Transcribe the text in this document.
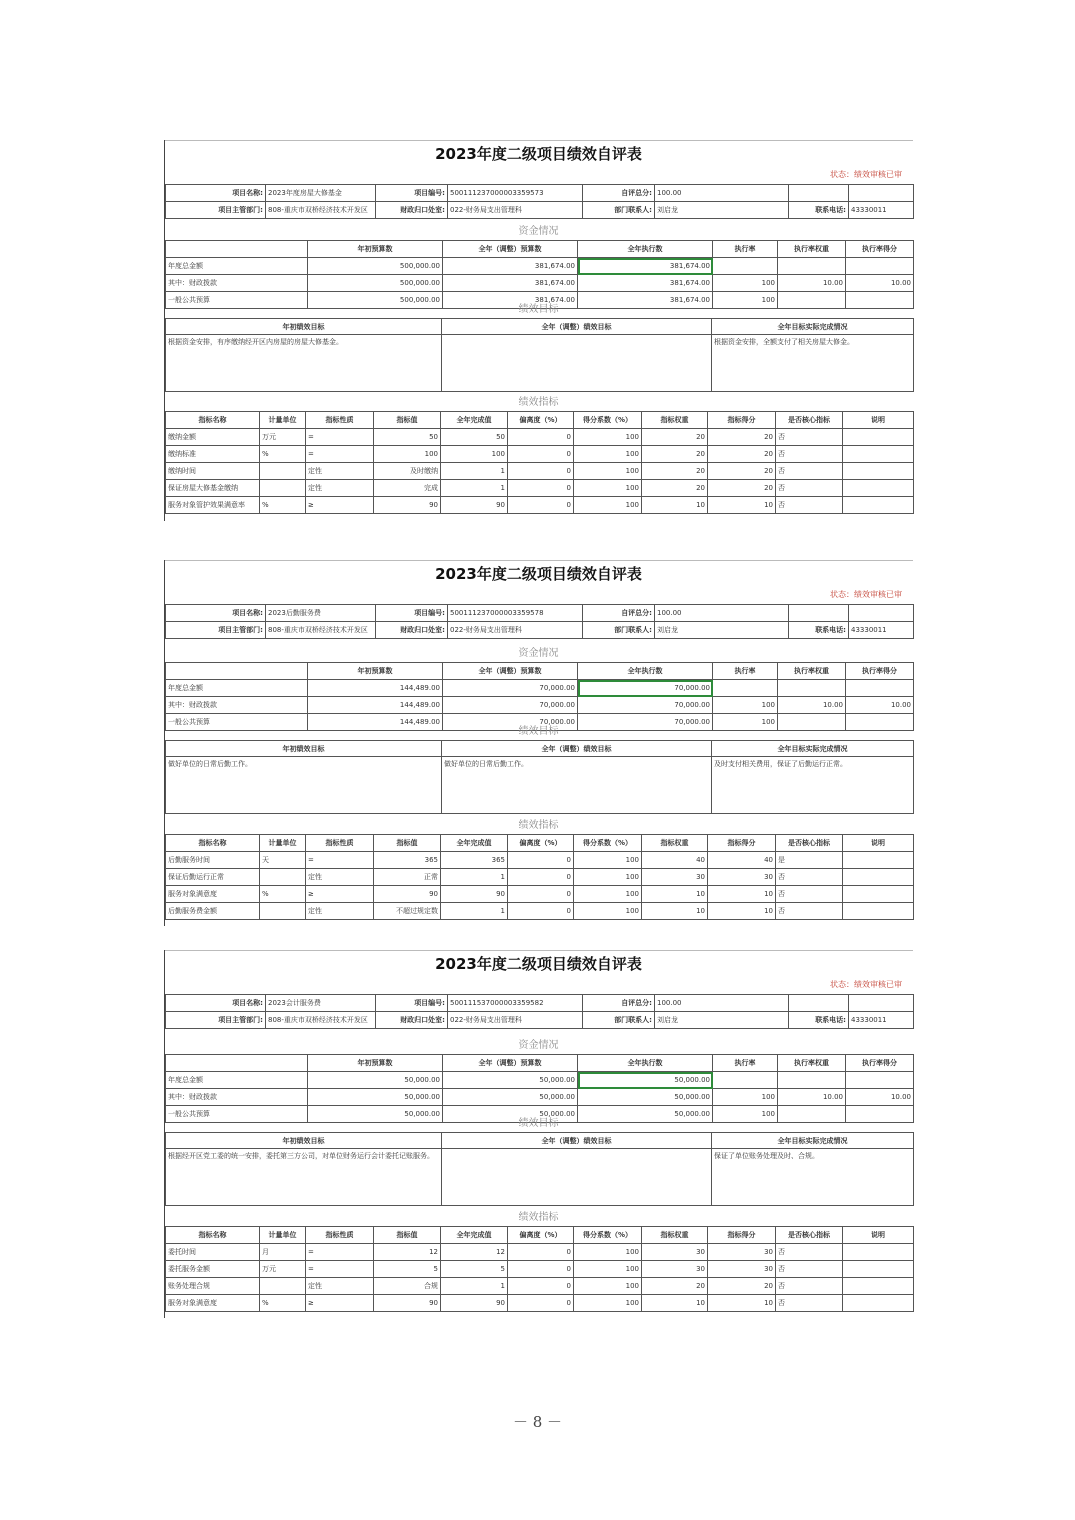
2023年度二级项目绩效自评表
状态：绩效审核已审
项目名称:	2023年度房屋大修基金	项目编号:	500111237000003359573	自评总分:	100.00		
项目主管部门:	808-重庆市双桥经济技术开发区	财政归口处室:	022-财务局支出管理科	部门联系人:	刘启龙	联系电话:	43330011
资金情况
	年初预算数	全年（调整）预算数	全年执行数	执行率	执行率权重	执行率得分
年度总金额	500,000.00	381,674.00	381,674.00			
其中：财政拨款	500,000.00	381,674.00	381,674.00	100	10.00	10.00
一般公共预算	500,000.00	381,674.00	381,674.00	100		
绩效目标
年初绩效目标	全年（调整）绩效目标	全年目标实际完成情况
根据资金安排，有序缴纳经开区内房屋的房屋大修基金。		根据资金安排，全额支付了相关房屋大修金。
绩效指标
指标名称	计量单位	指标性质	指标值	全年完成值	偏离度（%）	得分系数（%）	指标权重	指标得分	是否核心指标	说明
缴纳金额	万元	=	50	50	0	100	20	20	否	
缴纳标准	%	=	100	100	0	100	20	20	否	
缴纳时间		定性	及时缴纳	1	0	100	20	20	否	
保证房屋大修基金缴纳		定性	完成	1	0	100	20	20	否	
服务对象管护效果满意率	%	≥	90	90	0	100	10	10	否	
2023年度二级项目绩效自评表
状态：绩效审核已审
项目名称:	2023后勤服务费	项目编号:	500111237000003359578	自评总分:	100.00		
项目主管部门:	808-重庆市双桥经济技术开发区	财政归口处室:	022-财务局支出管理科	部门联系人:	刘启龙	联系电话:	43330011
资金情况
	年初预算数	全年（调整）预算数	全年执行数	执行率	执行率权重	执行率得分
年度总金额	144,489.00	70,000.00	70,000.00			
其中：财政拨款	144,489.00	70,000.00	70,000.00	100	10.00	10.00
一般公共预算	144,489.00	70,000.00	70,000.00	100		
绩效目标
年初绩效目标	全年（调整）绩效目标	全年目标实际完成情况
做好单位的日常后勤工作。	做好单位的日常后勤工作。	及时支付相关费用，保证了后勤运行正常。
绩效指标
指标名称	计量单位	指标性质	指标值	全年完成值	偏离度（%）	得分系数（%）	指标权重	指标得分	是否核心指标	说明
后勤服务时间	天	=	365	365	0	100	40	40	是	
保证后勤运行正常		定性	正常	1	0	100	30	30	否	
服务对象满意度	%	≥	90	90	0	100	10	10	否	
后勤服务费金额		定性	不超过规定数	1	0	100	10	10	否	
2023年度二级项目绩效自评表
状态：绩效审核已审
项目名称:	2023会计服务费	项目编号:	500111537000003359582	自评总分:	100.00		
项目主管部门:	808-重庆市双桥经济技术开发区	财政归口处室:	022-财务局支出管理科	部门联系人:	刘启龙	联系电话:	43330011
资金情况
	年初预算数	全年（调整）预算数	全年执行数	执行率	执行率权重	执行率得分
年度总金额	50,000.00	50,000.00	50,000.00			
其中：财政拨款	50,000.00	50,000.00	50,000.00	100	10.00	10.00
一般公共预算	50,000.00	50,000.00	50,000.00	100		
绩效目标
年初绩效目标	全年（调整）绩效目标	全年目标实际完成情况
根据经开区党工委的统一安排，委托第三方公司，对单位财务运行会计委托记账服务。		保证了单位账务处理及时、合规。
绩效指标
指标名称	计量单位	指标性质	指标值	全年完成值	偏离度（%）	得分系数（%）	指标权重	指标得分	是否核心指标	说明
委托时间	月	=	12	12	0	100	30	30	否	
委托服务金额	万元	=	5	5	0	100	30	30	否	
账务处理合规		定性	合规	1	0	100	20	20	否	
服务对象满意度	%	≥	90	90	0	100	10	10	否	
－ 8 －
